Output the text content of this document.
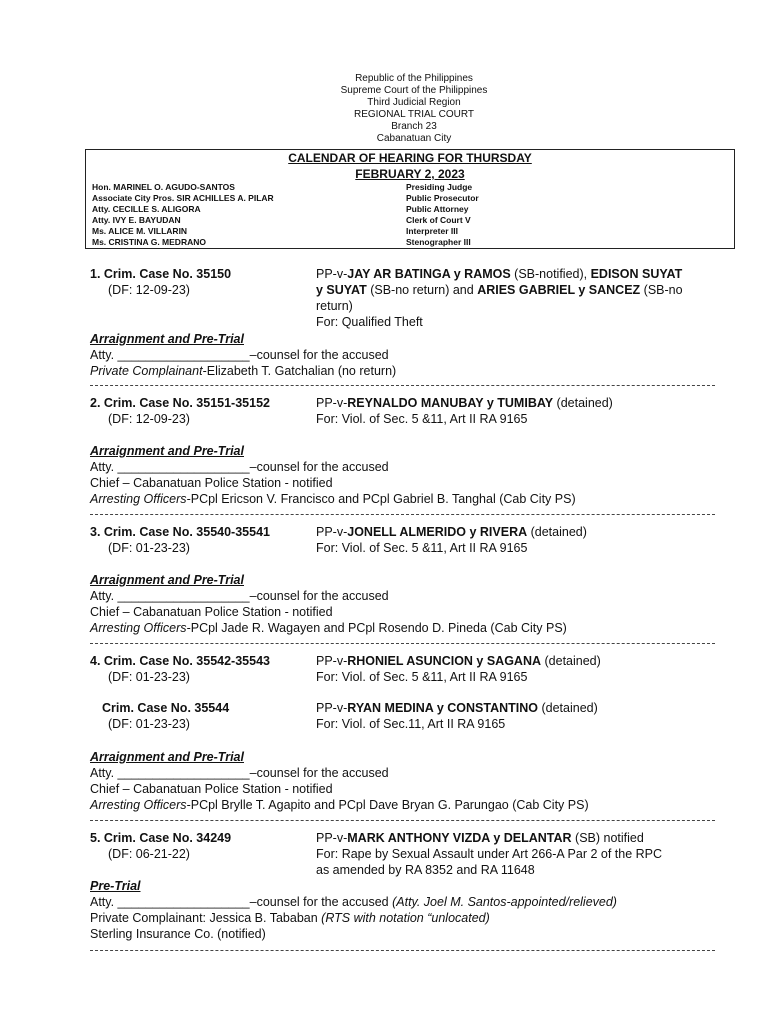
Republic of the Philippines
Supreme Court of the Philippines
Third Judicial Region
REGIONAL TRIAL COURT
Branch 23
Cabanatuan City
CALENDAR OF HEARING FOR THURSDAY
FEBRUARY 2, 2023
Hon. MARINEL O. AGUDO-SANTOS	Presiding Judge
Associate City Pros. SIR ACHILLES A. PILAR	Public Prosecutor
Atty. CECILLE S. ALIGORA	Public Attorney
Atty. IVY E. BAYUDAN	Clerk of Court V
Ms. ALICE M. VILLARIN	Interpreter III
Ms. CRISTINA G. MEDRANO	Stenographer III
1. Crim. Case No. 35150	PP-v-JAY AR BATINGA y RAMOS (SB-notified), EDISON SUYAT
(DF: 12-09-23)	y SUYAT (SB-no return) and ARIES GABRIEL y SANCEZ (SB-no
return)
For: Qualified Theft
Arraignment and Pre-Trial
Atty. ___________________–counsel for the accused
Private Complainant-Elizabeth T. Gatchalian (no return)
2. Crim. Case No. 35151-35152	PP-v-REYNALDO MANUBAY y TUMIBAY (detained)
(DF: 12-09-23)	For: Viol. of Sec. 5 &11, Art II RA 9165
Arraignment and Pre-Trial
Atty. ___________________–counsel for the accused
Chief – Cabanatuan Police Station - notified
Arresting Officers-PCpl Ericson V. Francisco and PCpl Gabriel B. Tanghal (Cab City PS)
3. Crim. Case No. 35540-35541	PP-v-JONELL ALMERIDO y RIVERA (detained)
(DF: 01-23-23)	For: Viol. of Sec. 5 &11, Art II RA 9165
Arraignment and Pre-Trial
Atty. ___________________–counsel for the accused
Chief – Cabanatuan Police Station - notified
Arresting Officers-PCpl Jade R. Wagayen and PCpl Rosendo D. Pineda (Cab City PS)
4. Crim. Case No. 35542-35543	PP-v-RHONIEL ASUNCION y SAGANA (detained)
(DF: 01-23-23)	For: Viol. of Sec. 5 &11, Art II RA 9165
Crim. Case No. 35544	PP-v-RYAN MEDINA y CONSTANTINO (detained)
(DF: 01-23-23)	For: Viol. of Sec.11, Art II RA 9165
Arraignment and Pre-Trial
Atty. ___________________–counsel for the accused
Chief – Cabanatuan Police Station - notified
Arresting Officers-PCpl Brylle T. Agapito and PCpl Dave Bryan G. Parungao (Cab City PS)
5. Crim. Case No. 34249	PP-v-MARK ANTHONY VIZDA y DELANTAR (SB) notified
(DF: 06-21-22)	For: Rape by Sexual Assault under Art 266-A Par 2 of the RPC
as amended by RA 8352 and RA 11648
Pre-Trial
Atty. ___________________–counsel for the accused (Atty. Joel M. Santos-appointed/relieved)
Private Complainant: Jessica B. Tababan (RTS with notation “unlocated)
Sterling Insurance Co. (notified)
